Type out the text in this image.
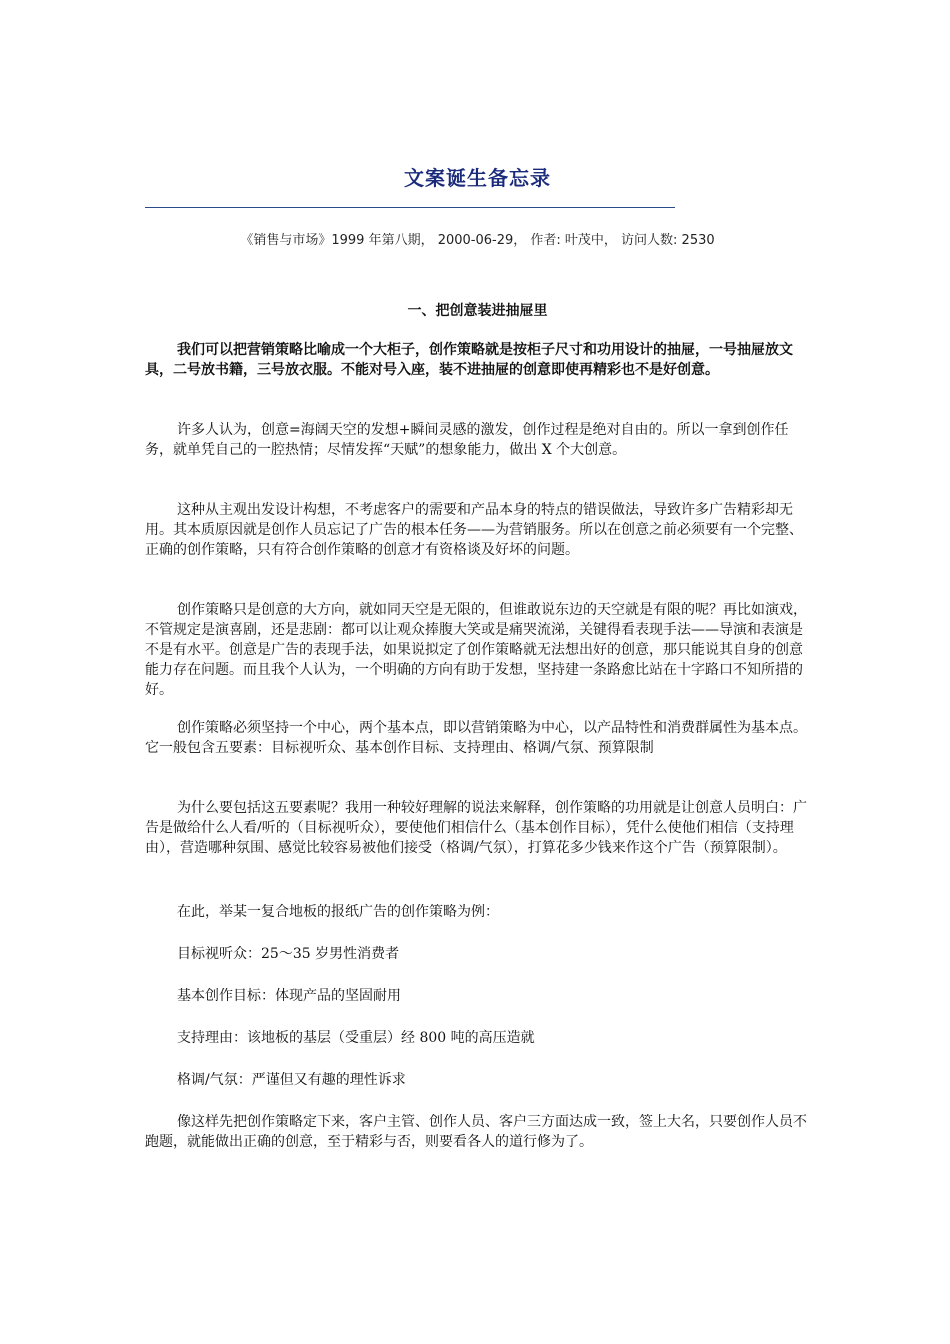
文案诞生备忘录
《销售与市场》1999 年第八期， 2000-06-29， 作者: 叶茂中， 访问人数: 2530
一、把创意装进抽屉里

我们可以把营销策略比喻成一个大柜子，创作策略就是按柜子尺寸和功用设计的抽屉，一号抽屉放文具，二号放书籍，三号放衣服。不能对号入座，装不进抽屉的创意即使再精彩也不是好创意。

许多人认为，创意=海阔天空的发想+瞬间灵感的激发，创作过程是绝对自由的。所以一拿到创作任务，就单凭自己的一腔热情；尽情发挥“天赋”的想象能力，做出 X 个大创意。

这种从主观出发设计构想，不考虑客户的需要和产品本身的特点的错误做法，导致许多广告精彩却无用。其本质原因就是创作人员忘记了广告的根本任务——为营销服务。所以在创意之前必须要有一个完整、正确的创作策略，只有符合创作策略的创意才有资格谈及好坏的问题。

创作策略只是创意的大方向，就如同天空是无限的，但谁敢说东边的天空就是有限的呢？再比如演戏，不管规定是演喜剧，还是悲剧：都可以让观众捧腹大笑或是痛哭流涕，关键得看表现手法——导演和表演是不是有水平。创意是广告的表现手法，如果说拟定了创作策略就无法想出好的创意，那只能说其自身的创意能力存在问题。而且我个人认为，一个明确的方向有助于发想，坚持建一条路愈比站在十字路口不知所措的好。

创作策略必须坚持一个中心，两个基本点，即以营销策略为中心，以产品特性和消费群属性为基本点。它一般包含五要素：目标视听众、基本创作目标、支持理由、格调/气氛、预算限制

为什么要包括这五要素呢？我用一种较好理解的说法来解释，创作策略的功用就是让创意人员明白：广告是做给什么人看/听的（目标视听众），要使他们相信什么（基本创作目标），凭什么使他们相信（支持理由），营造哪种氛围、感觉比较容易被他们接受（格调/气氛），打算花多少钱来作这个广告（预算限制）。

在此，举某一复合地板的报纸广告的创作策略为例：

目标视听众：25～35 岁男性消费者

基本创作目标：体现产品的坚固耐用

支持理由：该地板的基层（受重层）经 800 吨的高压造就

格调/气氛：严谨但又有趣的理性诉求

像这样先把创作策略定下来，客户主管、创作人员、客户三方面达成一致，签上大名，只要创作人员不跑题，就能做出正确的创意，至于精彩与否，则要看各人的道行修为了。
